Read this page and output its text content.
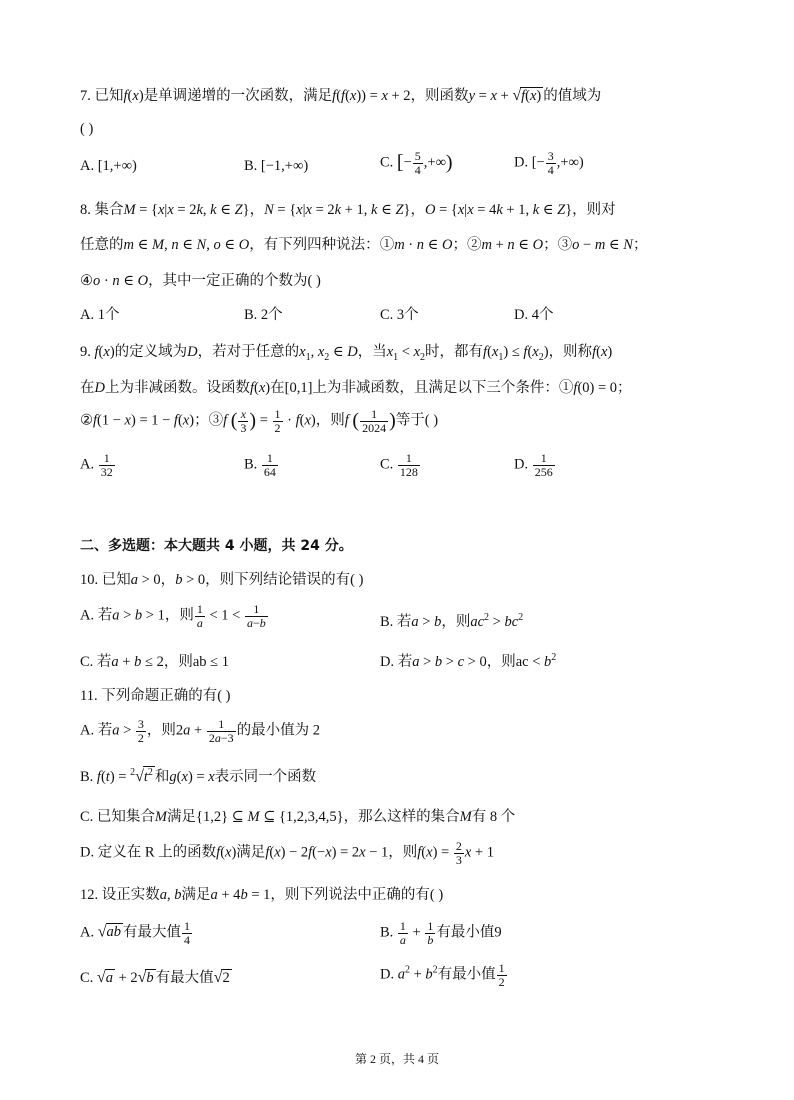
7. 已知f(x)是单调递增的一次函数，满足f(f(x)) = x + 2，则函数y = x + √f(x) 的值域为
( )
A. [1,+∞)	B. [−1,+∞)	C. [− $\frac{5}{4}$ ,+∞)	D. [− $\frac{3}{4}$ ,+∞)
8. 集合M = {x|x = 2k, k ∈ Z}，N = {x|x = 2k + 1, k ∈ Z}，O = {x|x = 4k + 1, k ∈ Z}，则对
任意的m ∈ M, n ∈ N, o ∈ O，有下列四种说法：①m · n ∈ O；②m + n ∈ O；③o − m ∈ N；
④o · n ∈ O，其中一定正确的个数为( )
A. 1个	B. 2个	C. 3个	D. 4个
9. f(x)的定义域为D，若对于任意的$x_1$, $x_2$ ∈ D，当$x_1 < x_2$时，都有$f(x_1) \le f(x_2)$，则称f(x)
在D上为非减函数。设函数f(x)在[0,1]上为非减函数，且满足以下三个条件：①f(0) = 0；
②f(1 − x) = 1 − f(x)；③f ( $\frac{x}{3}$ ) = $\frac{1}{2} \cdot f(x)$，则f ( $\frac{1}{2024}$ )等于( )
A. $\frac{1}{32}$	B. $\frac{1}{64}$	C. $\frac{1}{128}$	D. $\frac{1}{256}$
二、多选题：本大题共 4 小题，共 24 分。
10. 已知a > 0，b > 0，则下列结论错误的有( )
A. 若a > b > 1，则 $\frac{1}{a} < 1 < \frac{1}{a-b}$	B. 若a > b，则$ac^2 > bc^2$
C. 若a + b ≤ 2，则ab ≤ 1	D. 若a > b > c > 0，则ac < $b^2$
11. 下列命题正确的有( )
A. 若$a > \frac{3}{2}$ ，则$2a + \frac{1}{2a-3}$ 的最小值为 2
B. $f(t) = ^2√t^2$ 和g(x) = x表示同一个函数
C. 已知集合M满足{1,2} ⊆ M ⊆ {1,2,3,4,5}，那么这样的集合M有 8 个
D. 定义在 R 上的函数f(x)满足f(x) − 2f(−x) = 2x − 1，则$f(x) = \frac{2}{3}$ x + 1
12. 设正实数a, b满足a + 4b = 1，则下列说法中正确的有( )
A. √ab 有最大值 $\frac{1}{4}$	B. $\frac{1}{a} + \frac{1}{b}$ 有最小值9
C. √a + 2√b 有最大值√2	D. $a^2 + b^2$有最小值 $\frac{1}{2}$
第 2 页，共 4 页
